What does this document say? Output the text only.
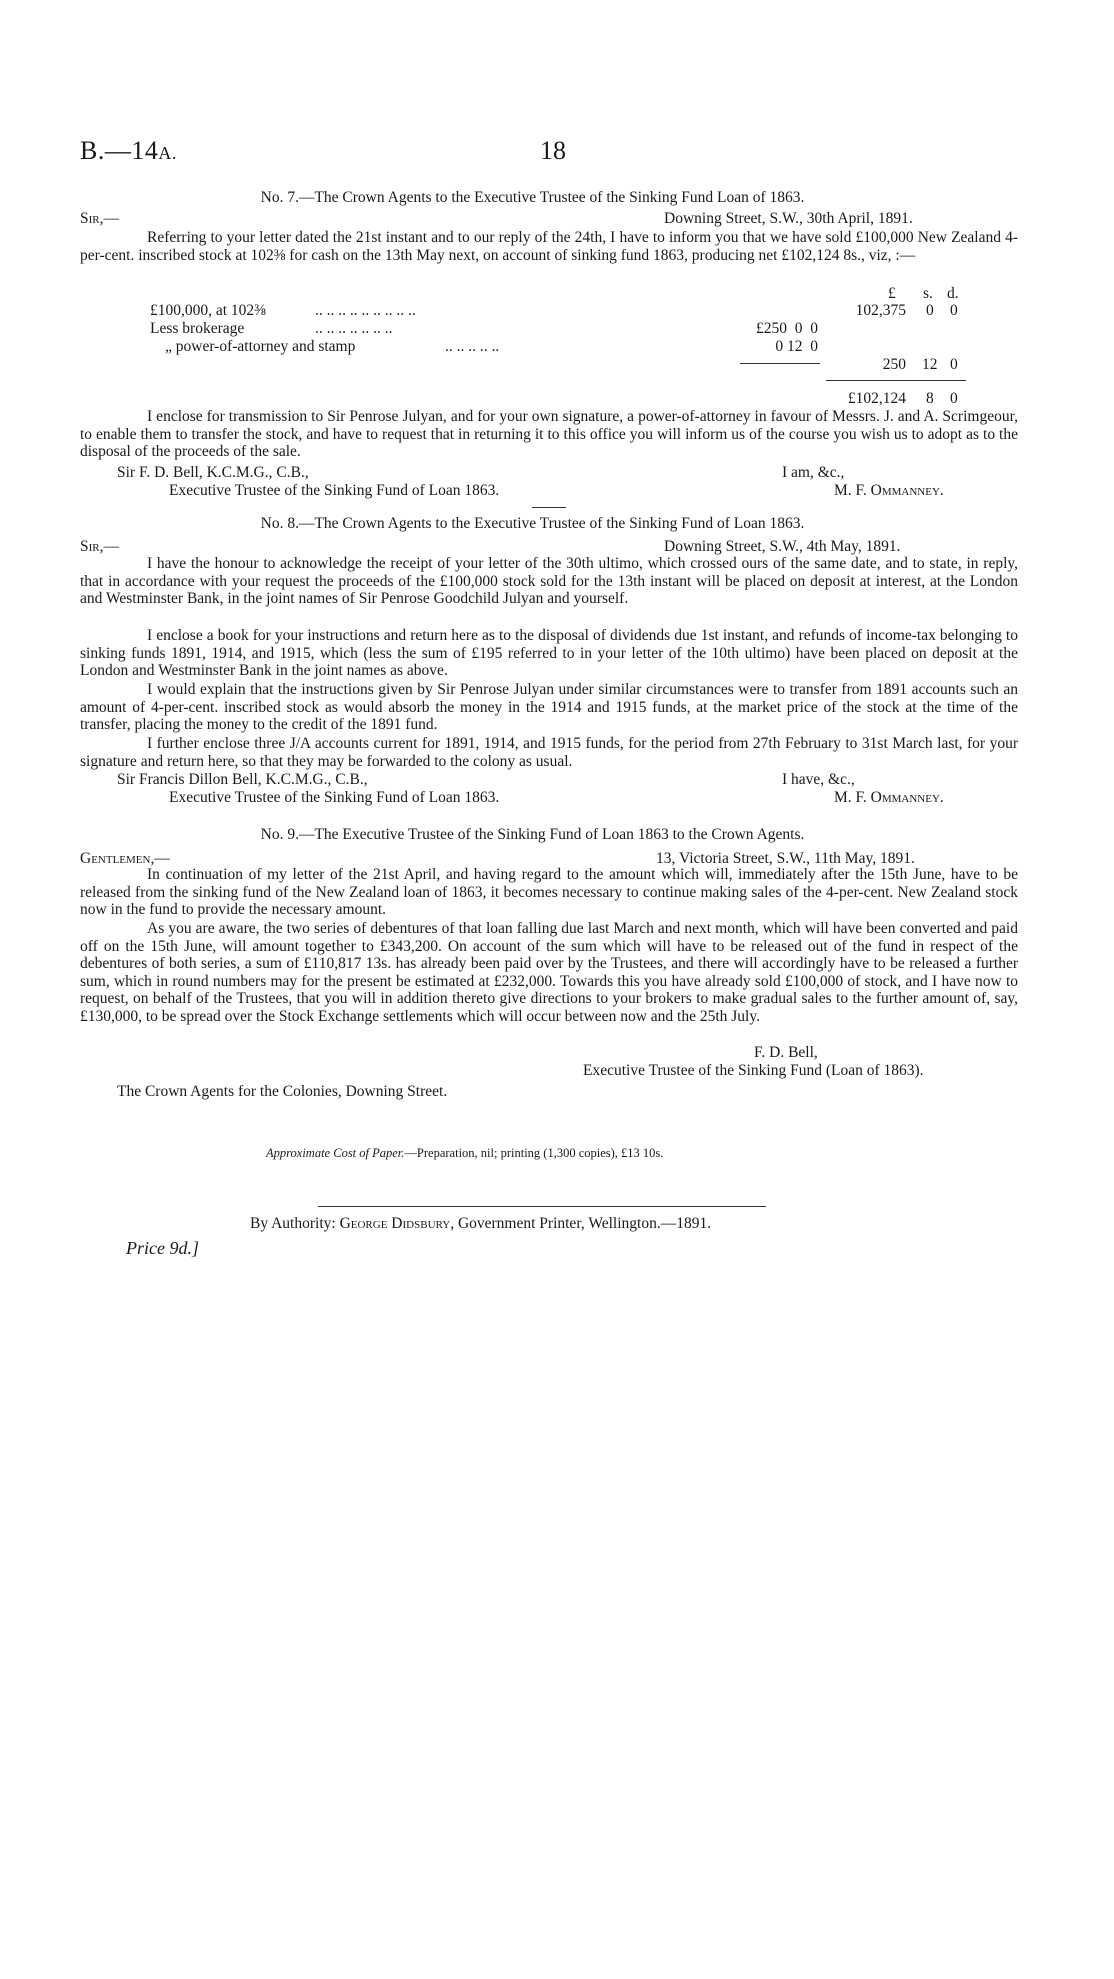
B.—14A.	18
No. 7.—The Crown Agents to the Executive Trustee of the Sinking Fund Loan of 1863.
Sir,—	Downing Street, S.W., 30th April, 1891.

Referring to your letter dated the 21st instant and to our reply of the 24th, I have to inform you that we have sold £100,000 New Zealand 4-per-cent. inscribed stock at 102⅜ for cash on the 13th May next, on account of sinking fund 1863, producing net £102,124 8s., viz, :—

£ s. d.
£100,000, at 102⅜	.. .. .. .. .. .. .. .. ..	102,375 0 0
Less brokerage	.. .. .. .. .. .. ..	£250  0  0
„ power-of-attorney and stamp	.. .. .. .. ..	0 12  0
250 12 0
£102,124 8 0

I enclose for transmission to Sir Penrose Julyan, and for your own signature, a power-of-attorney in favour of Messrs. J. and A. Scrimgeour, to enable them to transfer the stock, and have to request that in returning it to this office you will inform us of the course you wish us to adopt as to the disposal of the proceeds of the sale.

Sir F. D. Bell, K.C.M.G., C.B.,
Executive Trustee of the Sinking Fund of Loan 1863.
I am, &c.,
M. F. Ommanney.
No. 8.—The Crown Agents to the Executive Trustee of the Sinking Fund of Loan 1863.
Sir,—	Downing Street, S.W., 4th May, 1891.

I have the honour to acknowledge the receipt of your letter of the 30th ultimo, which crossed ours of the same date, and to state, in reply, that in accordance with your request the proceeds of the £100,000 stock sold for the 13th instant will be placed on deposit at interest, at the London and Westminster Bank, in the joint names of Sir Penrose Goodchild Julyan and yourself.

I enclose a book for your instructions and return here as to the disposal of dividends due 1st instant, and refunds of income-tax belonging to sinking funds 1891, 1914, and 1915, which (less the sum of £195 referred to in your letter of the 10th ultimo) have been placed on deposit at the London and Westminster Bank in the joint names as above.

I would explain that the instructions given by Sir Penrose Julyan under similar circumstances were to transfer from 1891 accounts such an amount of 4-per-cent. inscribed stock as would absorb the money in the 1914 and 1915 funds, at the market price of the stock at the time of the transfer, placing the money to the credit of the 1891 fund.

I further enclose three J/A accounts current for 1891, 1914, and 1915 funds, for the period from 27th February to 31st March last, for your signature and return here, so that they may be forwarded to the colony as usual.

Sir Francis Dillon Bell, K.C.M.G., C.B.,
Executive Trustee of the Sinking Fund of Loan 1863.
I have, &c.,
M. F. Ommanney.
No. 9.—The Executive Trustee of the Sinking Fund of Loan 1863 to the Crown Agents.
Gentlemen,—	13, Victoria Street, S.W., 11th May, 1891.

In continuation of my letter of the 21st April, and having regard to the amount which will, immediately after the 15th June, have to be released from the sinking fund of the New Zealand loan of 1863, it becomes necessary to continue making sales of the 4-per-cent. New Zealand stock now in the fund to provide the necessary amount.

As you are aware, the two series of debentures of that loan falling due last March and next month, which will have been converted and paid off on the 15th June, will amount together to £343,200. On account of the sum which will have to be released out of the fund in respect of the debentures of both series, a sum of £110,817 13s. has already been paid over by the Trustees, and there will accordingly have to be released a further sum, which in round numbers may for the present be estimated at £232,000. Towards this you have already sold £100,000 of stock, and I have now to request, on behalf of the Trustees, that you will in addition thereto give directions to your brokers to make gradual sales to the further amount of, say, £130,000, to be spread over the Stock Exchange settlements which will occur between now and the 25th July.

F. D. Bell,
Executive Trustee of the Sinking Fund (Loan of 1863).
The Crown Agents for the Colonies, Downing Street.
Approximate Cost of Paper.—Preparation, nil; printing (1,300 copies), £13 10s.
By Authority: George Didsbury, Government Printer, Wellington.—1891.
Price 9d.]
